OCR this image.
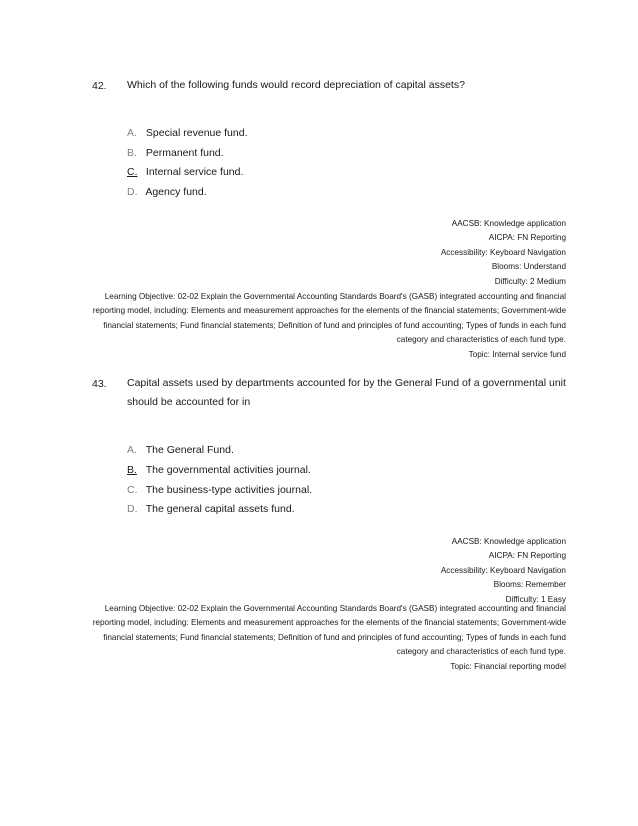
42. Which of the following funds would record depreciation of capital assets?
A. Special revenue fund.
B. Permanent fund.
C. Internal service fund.
D. Agency fund.
AACSB: Knowledge application
AICPA: FN Reporting
Accessibility: Keyboard Navigation
Blooms: Understand
Difficulty: 2 Medium
Learning Objective: 02-02 Explain the Governmental Accounting Standards Board's (GASB) integrated accounting and financial reporting model, including: Elements and measurement approaches for the elements of the financial statements; Government-wide financial statements; Fund financial statements; Definition of fund and principles of fund accounting; Types of funds in each fund category and characteristics of each fund type.
Topic: Internal service fund
43. Capital assets used by departments accounted for by the General Fund of a governmental unit should be accounted for in
A. The General Fund.
B. The governmental activities journal.
C. The business-type activities journal.
D. The general capital assets fund.
AACSB: Knowledge application
AICPA: FN Reporting
Accessibility: Keyboard Navigation
Blooms: Remember
Difficulty: 1 Easy
Learning Objective: 02-02 Explain the Governmental Accounting Standards Board's (GASB) integrated accounting and financial reporting model, including: Elements and measurement approaches for the elements of the financial statements; Government-wide financial statements; Fund financial statements; Definition of fund and principles of fund accounting; Types of funds in each fund category and characteristics of each fund type.
Topic: Financial reporting model
